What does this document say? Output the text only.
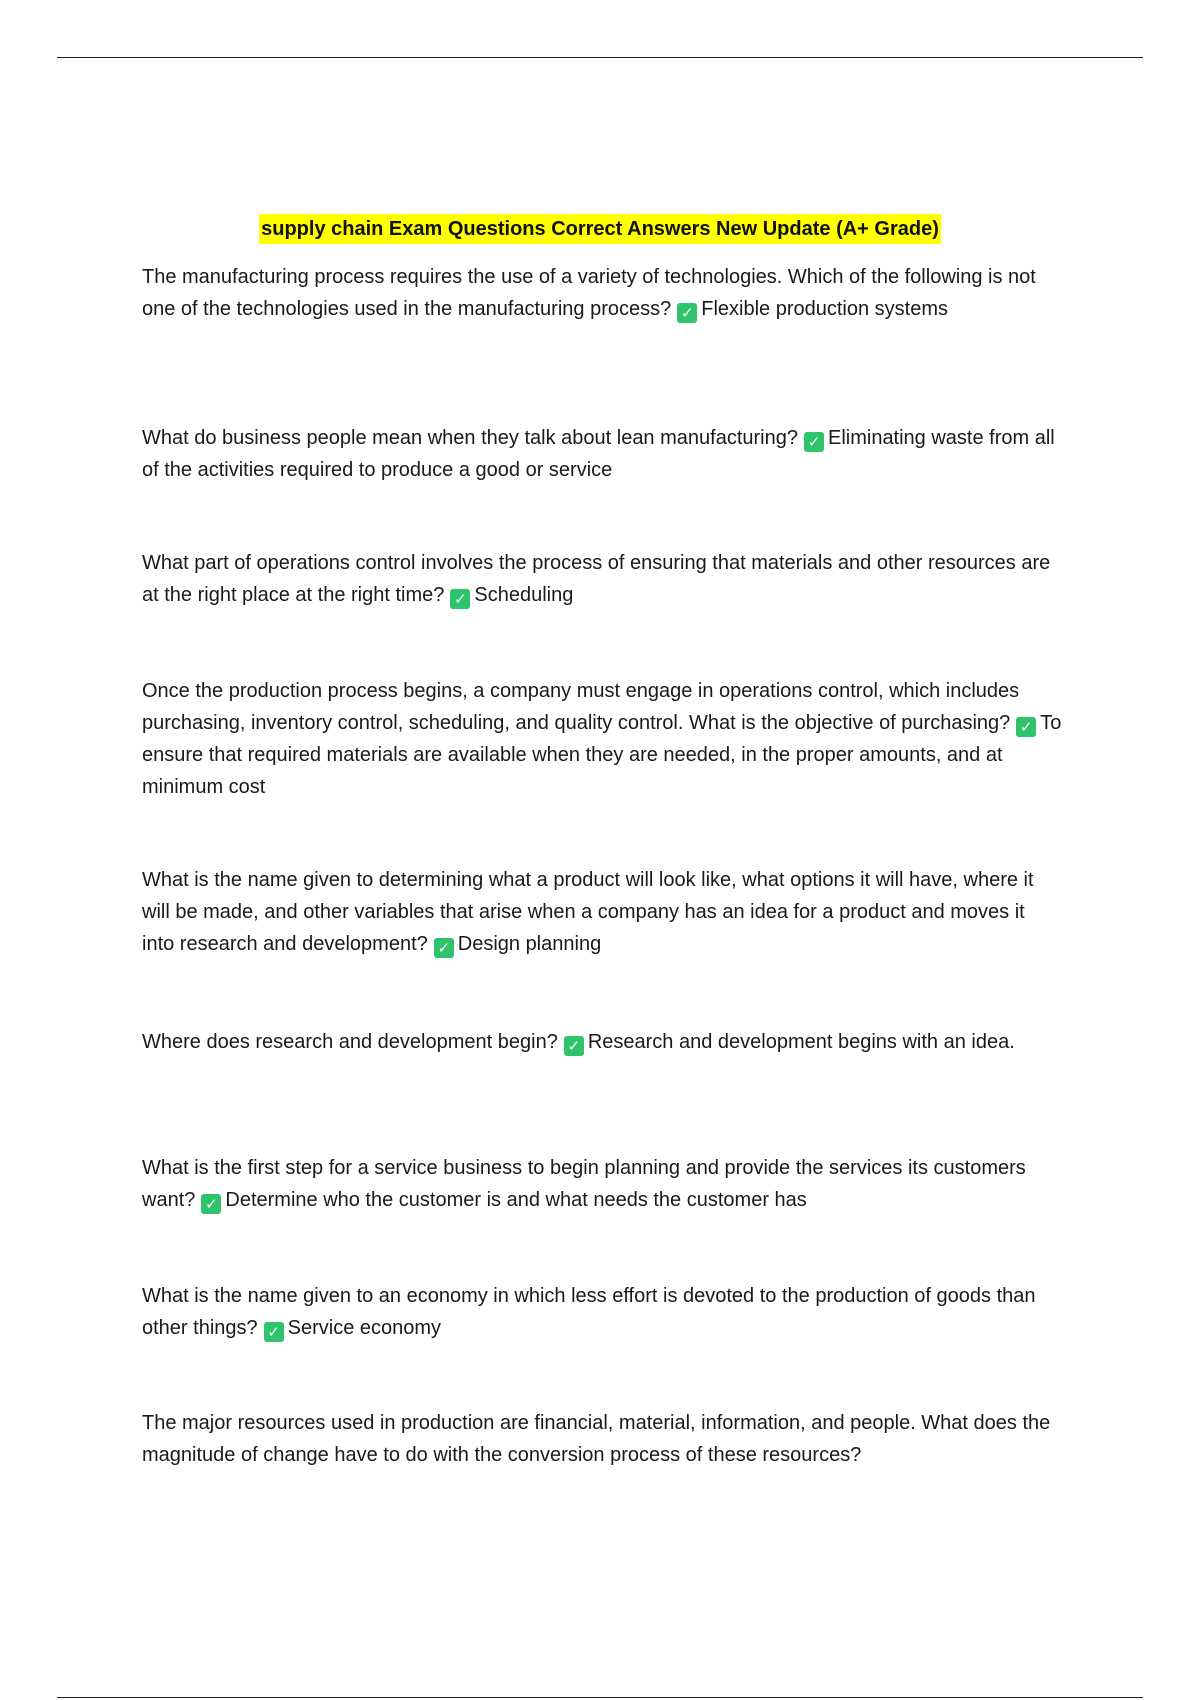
supply chain Exam Questions Correct Answers New Update (A+ Grade)
The manufacturing process requires the use of a variety of technologies. Which of the following is not one of the technologies used in the manufacturing process? ✓ Flexible production systems
What do business people mean when they talk about lean manufacturing? ✓ Eliminating waste from all of the activities required to produce a good or service
What part of operations control involves the process of ensuring that materials and other resources are at the right place at the right time? ✓ Scheduling
Once the production process begins, a company must engage in operations control, which includes purchasing, inventory control, scheduling, and quality control. What is the objective of purchasing? ✓ To ensure that required materials are available when they are needed, in the proper amounts, and at minimum cost
What is the name given to determining what a product will look like, what options it will have, where it will be made, and other variables that arise when a company has an idea for a product and moves it into research and development? ✓ Design planning
Where does research and development begin? ✓ Research and development begins with an idea.
What is the first step for a service business to begin planning and provide the services its customers want? ✓ Determine who the customer is and what needs the customer has
What is the name given to an economy in which less effort is devoted to the production of goods than other things? ✓ Service economy
The major resources used in production are financial, material, information, and people. What does the magnitude of change have to do with the conversion process of these resources?
